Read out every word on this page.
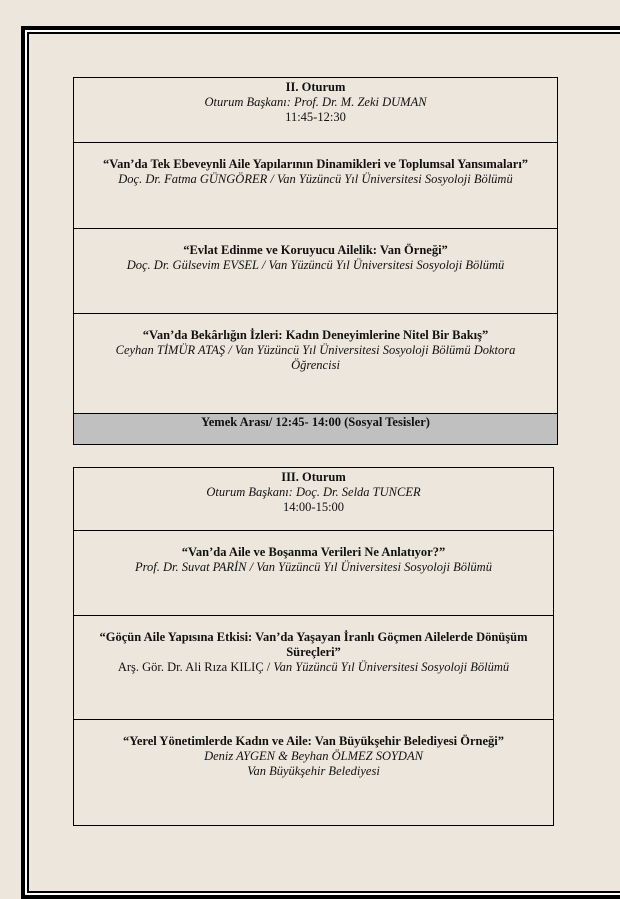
II. Oturum
Oturum Başkanı: Prof. Dr. M. Zeki DUMAN
11:45-12:30

“Van’da Tek Ebeveynli Aile Yapılarının Dinamikleri ve Toplumsal Yansımaları”
Doç. Dr. Fatma GÜNGÖRER / Van Yüzüncü Yıl Üniversitesi Sosyoloji Bölümü

“Evlat Edinme ve Koruyucu Ailelik: Van Örneği”
Doç. Dr. Gülsevim EVSEL / Van Yüzüncü Yıl Üniversitesi Sosyoloji Bölümü

“Van’da Bekârlığın İzleri: Kadın Deneyimlerine Nitel Bir Bakış”
Ceyhan TİMÜR ATAŞ / Van Yüzüncü Yıl Üniversitesi Sosyoloji Bölümü Doktora Öğrencisi

Yemek Arası/ 12:45- 14:00 (Sosyal Tesisler)
III. Oturum
Oturum Başkanı: Doç. Dr. Selda TUNCER
14:00-15:00

“Van’da Aile ve Boşanma Verileri Ne Anlatıyor?”
Prof. Dr. Suvat PARİN / Van Yüzüncü Yıl Üniversitesi Sosyoloji Bölümü

“Göçün Aile Yapısına Etkisi: Van’da Yaşayan İranlı Göçmen Ailelerde Dönüşüm Süreçleri”
Arş. Gör. Dr. Ali Rıza KILIÇ / Van Yüzüncü Yıl Üniversitesi Sosyoloji Bölümü

“Yerel Yönetimlerde Kadın ve Aile: Van Büyükşehir Belediyesi Örneği”
Deniz AYGEN & Beyhan ÖLMEZ SOYDAN
Van Büyükşehir Belediyesi
